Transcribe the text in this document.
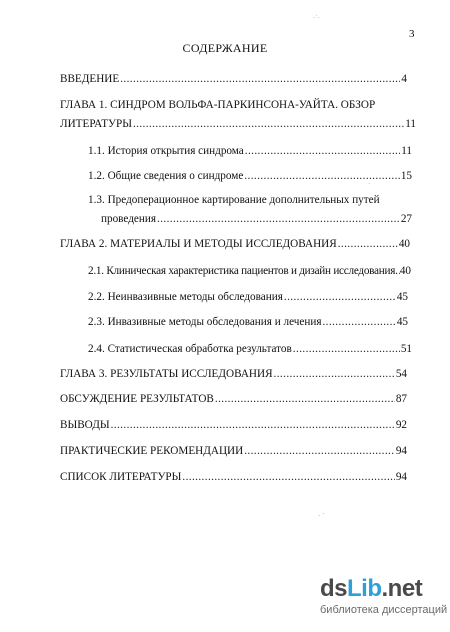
3
СОДЕРЖАНИЕ
·˙·
·
· ´
ВВЕДЕНИЕ .....	4
ГЛАВА 1. СИНДРОМ ВОЛЬФА-ПАРКИНСОНА-УАЙТА. ОБЗОР
ЛИТЕРАТУРЫ .....	11
1.1. История открытия синдрома .....	11
1.2. Общие сведения о синдроме .....	15
1.3. Предоперационное картирование дополнительных путей
проведения .....	27
ГЛАВА 2. МАТЕРИАЛЫ И МЕТОДЫ ИССЛЕДОВАНИЯ .....	40
2.1. Клиническая характеристика пациентов и дизайн исследования ..... 40
2.2. Неинвазивные методы обследования .....	45
2.3. Инвазивные методы обследования и лечения .....	45
2.4. Статистическая обработка результатов .....	51
ГЛАВА 3. РЕЗУЛЬТАТЫ ИССЛЕДОВАНИЯ .....	54
ОБСУЖДЕНИЕ РЕЗУЛЬТАТОВ .....	87
ВЫВОДЫ .....	92
ПРАКТИЧЕСКИЕ РЕКОМЕНДАЦИИ .....	94
СПИСОК ЛИТЕРАТУРЫ .....	94
dsLib.net
библиотека диссертаций
